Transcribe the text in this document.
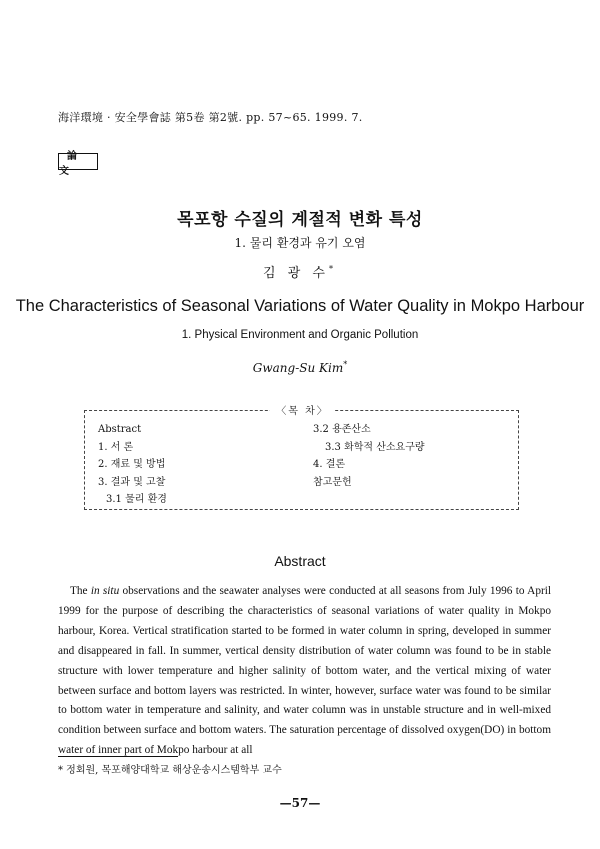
海洋環境 · 安全學會誌 第5卷 第2號. pp. 57~65. 1999. 7.
論 文
목포항 수질의 계절적 변화 특성
1. 물리 환경과 유기 오염
김 광 수*
The Characteristics of Seasonal Variations of Water Quality in Mokpo Harbour
1. Physical Environment and Organic Pollution
Gwang-Su Kim*
〈목 차〉
Abstract
1. 서 론
2. 재료 및 방법
3. 결과 및 고찰
3.1 물리 환경
3.2 용존산소
3.3 화학적 산소요구량
4. 결론
참고문헌
Abstract
The in situ observations and the seawater analyses were conducted at all seasons from July 1996 to April 1999 for the purpose of describing the characteristics of seasonal variations of water quality in Mokpo harbour, Korea. Vertical stratification started to be formed in water column in spring, developed in summer and disappeared in fall. In summer, vertical density distribution of water column was found to be in stable structure with lower temperature and higher salinity of bottom water, and the vertical mixing of water between surface and bottom layers was restricted. In winter, however, surface water was found to be similar to bottom water in temperature and salinity, and water column was in unstable structure and in well-mixed condition between surface and bottom waters. The saturation percentage of dissolved oxygen(DO) in bottom water of inner part of Mokpo harbour at all
* 정회원, 목포해양대학교 해상운송시스템학부 교수
—57—
